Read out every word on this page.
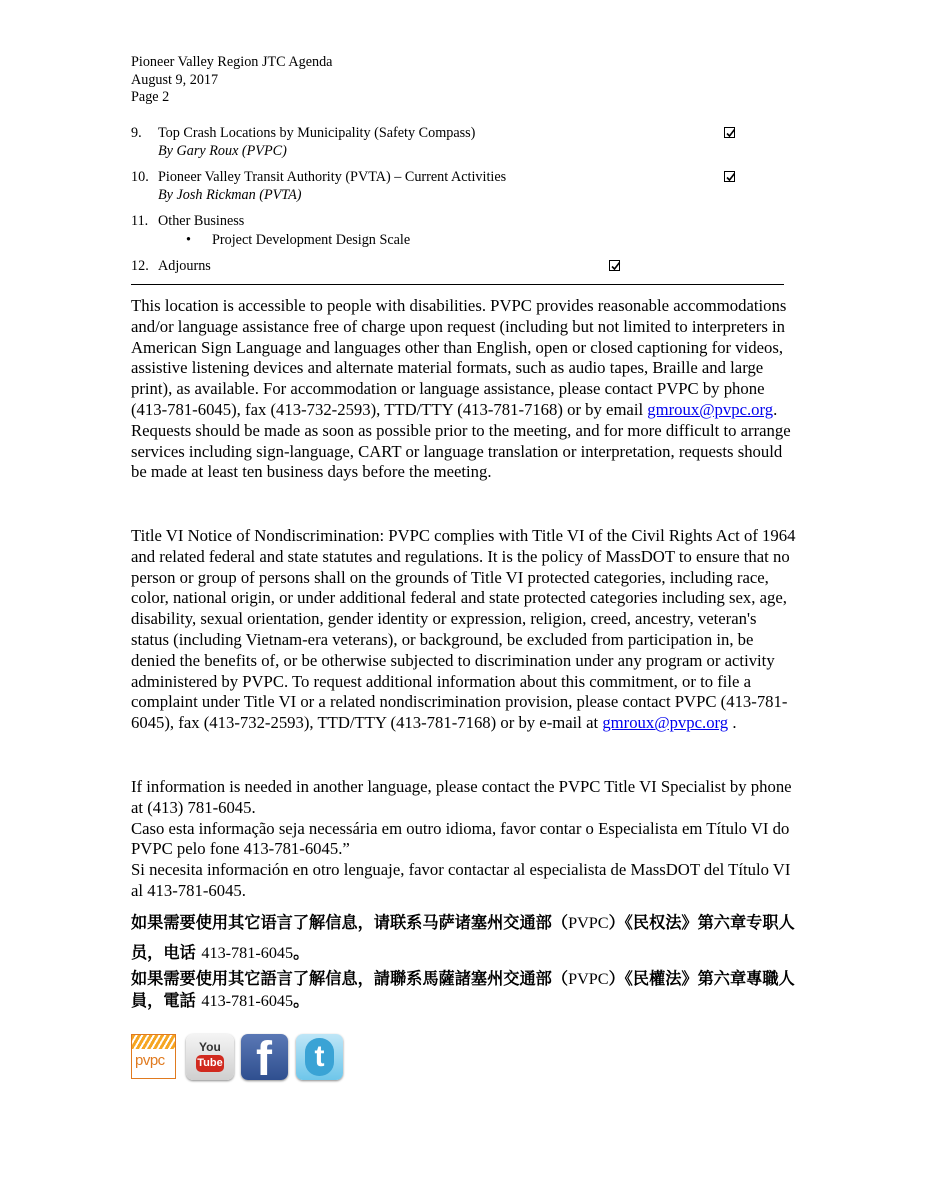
Pioneer Valley Region JTC Agenda
August 9, 2017
Page 2
9. Top Crash Locations by Municipality (Safety Compass)
By Gary Roux (PVPC)
10. Pioneer Valley Transit Authority (PVTA) – Current Activities
By Josh Rickman (PVTA)
11. Other Business
• Project Development Design Scale
12. Adjourns
This location is accessible to people with disabilities. PVPC provides reasonable accommodations and/or language assistance free of charge upon request (including but not limited to interpreters in American Sign Language and languages other than English, open or closed captioning for videos, assistive listening devices and alternate material formats, such as audio tapes, Braille and large print), as available. For accommodation or language assistance, please contact PVPC by phone (413-781-6045), fax (413-732-2593), TTD/TTY (413-781-7168) or by email gmroux@pvpc.org. Requests should be made as soon as possible prior to the meeting, and for more difficult to arrange services including sign-language, CART or language translation or interpretation, requests should be made at least ten business days before the meeting.
Title VI Notice of Nondiscrimination: PVPC complies with Title VI of the Civil Rights Act of 1964 and related federal and state statutes and regulations. It is the policy of MassDOT to ensure that no person or group of persons shall on the grounds of Title VI protected categories, including race, color, national origin, or under additional federal and state protected categories including sex, age, disability, sexual orientation, gender identity or expression, religion, creed, ancestry, veteran's status (including Vietnam-era veterans), or background, be excluded from participation in, be denied the benefits of, or be otherwise subjected to discrimination under any program or activity administered by PVPC. To request additional information about this commitment, or to file a complaint under Title VI or a related nondiscrimination provision, please contact PVPC (413-781-6045), fax (413-732-2593), TTD/TTY (413-781-7168) or by e-mail at gmroux@pvpc.org .
If information is needed in another language, please contact the PVPC Title VI Specialist by phone at (413) 781-6045.
Caso esta informação seja necessária em outro idioma, favor contar o Especialista em Título VI do PVPC pelo fone 413-781-6045.”
Si necesita información en otro lenguaje, favor contactar al especialista de MassDOT del Título VI al 413-781-6045.
如果需要使用其它语言了解信息，请联系马萨诸塞州交通部（PVPC）《民权法》第六章专职人员，电话 413-781-6045。
如果需要使用其它語言了解信息，請聯系馬薩諸塞州交通部（PVPC）《民權法》第六章專職人員，電話 413-781-6045。
pvpc
You
Tube f	t
